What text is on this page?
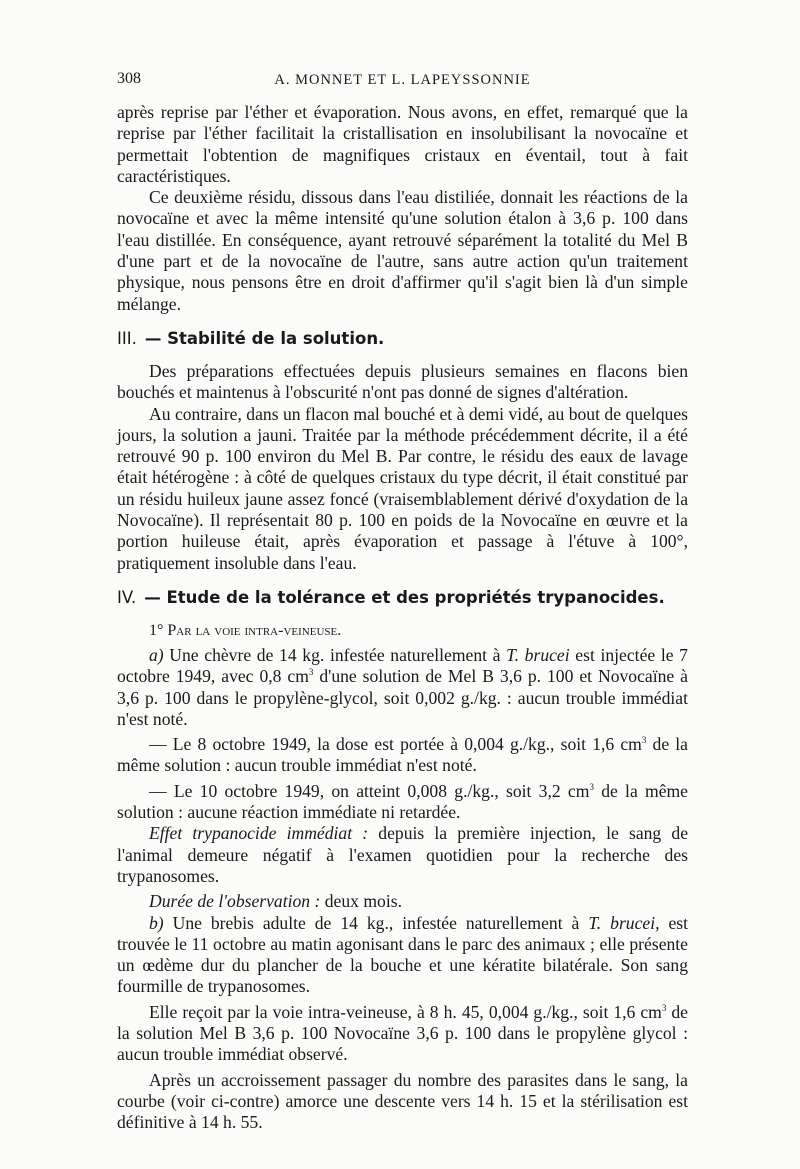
308	A. MONNET ET L. LAPEYSSONNIE

après reprise par l'éther et évaporation. Nous avons, en effet, remarqué que la reprise par l'éther facilitait la cristallisation en insolubilisant la novocaïne et permettait l'obtention de magnifiques cristaux en éventail, tout à fait caractéristiques.

Ce deuxième résidu, dissous dans l'eau distiliée, donnait les réactions de la novocaïne et avec la même intensité qu'une solution étalon à 3,6 p. 100 dans l'eau distillée. En conséquence, ayant retrouvé séparément la totalité du Mel B d'une part et de la novocaïne de l'autre, sans autre action qu'un traitement physique, nous pensons être en droit d'affirmer qu'il s'agit bien là d'un simple mélange.

III. — Stabilité de la solution.

Des préparations effectuées depuis plusieurs semaines en flacons bien bouchés et maintenus à l'obscurité n'ont pas donné de signes d'altération.

Au contraire, dans un flacon mal bouché et à demi vidé, au bout de quelques jours, la solution a jauni. Traitée par la méthode précédemment décrite, il a été retrouvé 90 p. 100 environ du Mel B. Par contre, le résidu des eaux de lavage était hétérogène : à côté de quelques cristaux du type décrit, il était constitué par un résidu huileux jaune assez foncé (vraisemblablement dérivé d'oxydation de la Novocaïne). Il représentait 80 p. 100 en poids de la Novocaïne en œuvre et la portion huileuse était, après évaporation et passage à l'étuve à 100°, pratiquement insoluble dans l'eau.

IV. — Etude de la tolérance et des propriétés trypanocides.
1° Par la voie intra-veineuse.

a) Une chèvre de 14 kg. infestée naturellement à T. brucei est injectée le 7 octobre 1949, avec 0,8 $cm^3$ d'une solution de Mel B 3,6 p. 100 et Novocaïne à 3,6 p. 100 dans le propylène-glycol, soit 0,002 g./kg. : aucun trouble immédiat n'est noté.

— Le 8 octobre 1949, la dose est portée à 0,004 g./kg., soit 1,6 $cm^3$ de la même solution : aucun trouble immédiat n'est noté.

— Le 10 octobre 1949, on atteint 0,008 g./kg., soit 3,2 $cm^3$ de la même solution : aucune réaction immédiate ni retardée.

Effet trypanocide immédiat : depuis la première injection, le sang de l'animal demeure négatif à l'examen quotidien pour la recherche des trypanosomes.

Durée de l'observation : deux mois.

b) Une brebis adulte de 14 kg., infestée naturellement à T. brucei, est trouvée le 11 octobre au matin agonisant dans le parc des animaux ; elle présente un œdème dur du plancher de la bouche et une kératite bilatérale. Son sang fourmille de trypanosomes.

Elle reçoit par la voie intra-veineuse, à 8 h. 45, 0,004 g./kg., soit 1,6 $cm^3$ de la solution Mel B 3,6 p. 100 Novocaïne 3,6 p. 100 dans le propylène glycol : aucun trouble immédiat observé.

Après un accroissement passager du nombre des parasites dans le sang, la courbe (voir ci-contre) amorce une descente vers 14 h. 15 et la stérilisation est définitive à 14 h. 55.
